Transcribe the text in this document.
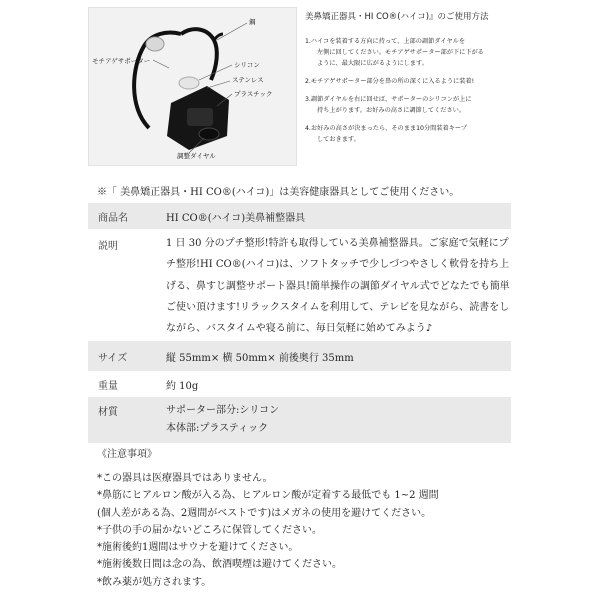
鋼
モチアゲサポーター	シリコン
ステンレス
プラスチック
調整ダイヤル
美鼻矯正器具・HI CO®(ハイコ)』のご使用方法
1.ハイコを装着する方向に持って、上部の調節ダイヤルを
左側に回してください。モチアゲサポーター部が下に下がる
ように、最大限に広がるようにします。
2.モチアゲサポーター部分を鼻の所の深くに入るように装着!
3.調節ダイヤルを右に回せば、サポーターのシリコンが上に
持ち上がります。お好みの高さに調節してください。
4.お好みの高さが決まったら、そのまま10分間装着キープ
しておきます。
※「 美鼻矯正器具・HI CO®(ハイコ)」は美容健康器具としてご使用ください。
商品名	HI CO®(ハイコ)美鼻補整器具
説明	1 日 30 分のプチ整形!特許も取得している美鼻補整器具。ご家庭で気軽にプチ整形!HI CO®(ハイコ)は、ソフトタッチで少しづつやさしく軟骨を持ち上げる、鼻すじ調整サポート器具!簡単操作の調節ダイヤル式でどなたでも簡単ご使い頂けます!リラックスタイムを利用して、テレビを見ながら、読書をしながら、バスタイムや寝る前に、毎日気軽に始めてみよう♪

サイズ	縦 55mm× 横 50mm× 前後奥行 35mm
重量	約 10g
材質	サポーター部分:シリコン
本体部:プラスティック
《注意事項》
*この器具は医療器具ではありません。
*鼻筋にヒアルロン酸が入る為、ヒアルロン酸が定着する最低でも 1~2 週間
(個人差がある為、2週間がベストです)はメガネの使用を避けてください。
*子供の手の届かないどころに保管してください。
*施術後約1週間はサウナを避けてください。
*施術後数日間は念の為、飲酒喫煙は避けてください。
*飲み薬が処方されます。
